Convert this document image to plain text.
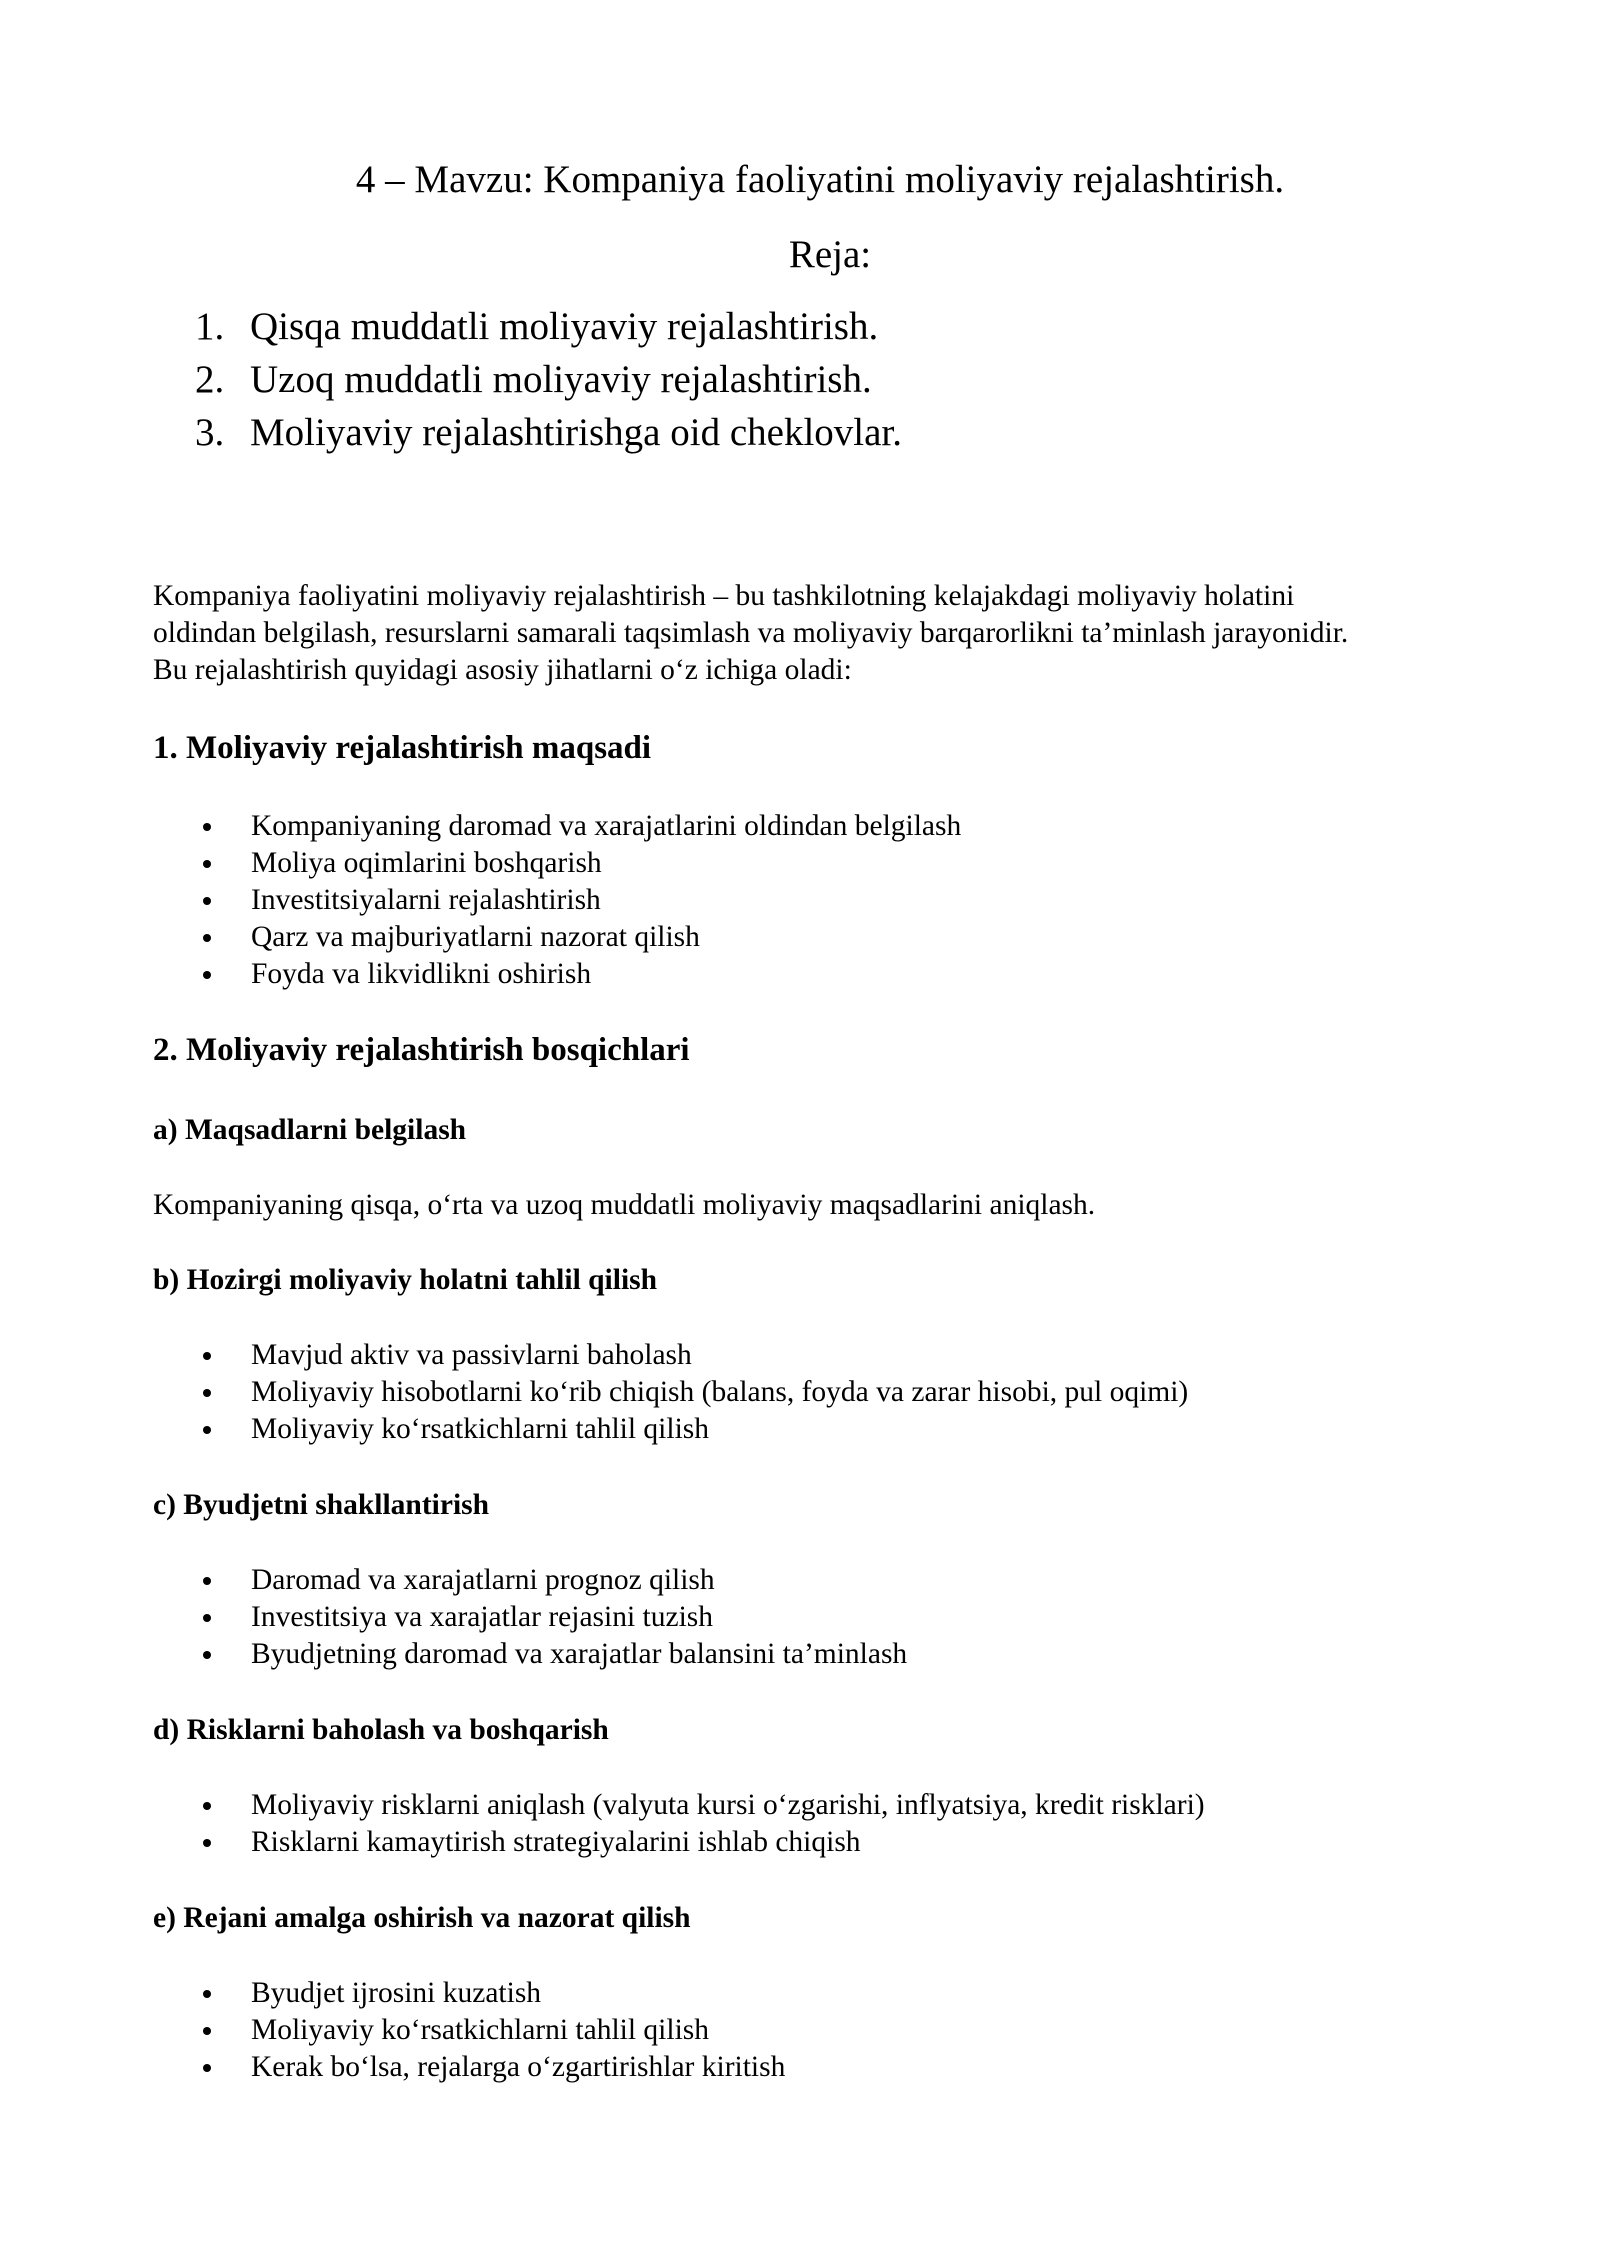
4 – Mavzu: Kompaniya faoliyatini moliyaviy rejalashtirish.
Reja:
1. Qisqa muddatli moliyaviy rejalashtirish.
2. Uzoq muddatli moliyaviy rejalashtirish.
3. Moliyaviy rejalashtirishga oid cheklovlar.

Kompaniya faoliyatini moliyaviy rejalashtirish – bu tashkilotning kelajakdagi moliyaviy holatini

oldindan belgilash, resurslarni samarali taqsimlash va moliyaviy barqarorlikni ta’minlash jarayonidir.

Bu rejalashtirish quyidagi asosiy jihatlarni o‘z ichiga oladi:

1. Moliyaviy rejalashtirish maqsadi
Kompaniyaning daromad va xarajatlarini oldindan belgilash
Moliya oqimlarini boshqarish
Investitsiyalarni rejalashtirish
Qarz va majburiyatlarni nazorat qilish
Foyda va likvidlikni oshirish
2. Moliyaviy rejalashtirish bosqichlari
a) Maqsadlarni belgilash

Kompaniyaning qisqa, o‘rta va uzoq muddatli moliyaviy maqsadlarini aniqlash.

b) Hozirgi moliyaviy holatni tahlil qilish
Mavjud aktiv va passivlarni baholash
Moliyaviy hisobotlarni ko‘rib chiqish (balans, foyda va zarar hisobi, pul oqimi)
Moliyaviy ko‘rsatkichlarni tahlil qilish
c) Byudjetni shakllantirish
Daromad va xarajatlarni prognoz qilish
Investitsiya va xarajatlar rejasini tuzish
Byudjetning daromad va xarajatlar balansini ta’minlash
d) Risklarni baholash va boshqarish
Moliyaviy risklarni aniqlash (valyuta kursi o‘zgarishi, inflyatsiya, kredit risklari)
Risklarni kamaytirish strategiyalarini ishlab chiqish
e) Rejani amalga oshirish va nazorat qilish
Byudjet ijrosini kuzatish
Moliyaviy ko‘rsatkichlarni tahlil qilish
Kerak bo‘lsa, rejalarga o‘zgartirishlar kiritish
